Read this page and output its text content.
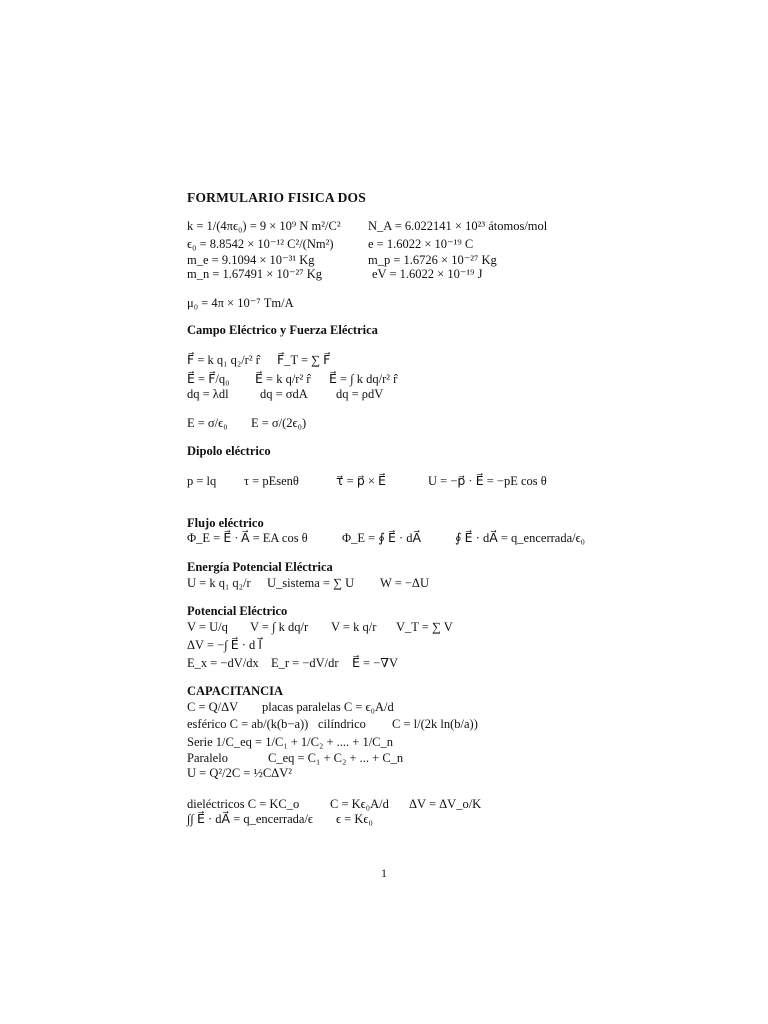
FORMULARIO FISICA DOS
k = 1/(4πϵ₀) = 9 × 10⁹ N m²/C² N_A = 6.022141 × 10²³ átomos/mol
ϵ₀ = 8.8542 × 10⁻¹² C²/(Nm²)	e = 1.6022 × 10⁻¹⁹ C
m_e = 9.1094 × 10⁻³¹ Kg	m_p = 1.6726 × 10⁻²⁷ Kg
m_n = 1.67491 × 10⁻²⁷ Kg	eV = 1.6022 × 10⁻¹⁹ J
μ₀ = 4π × 10⁻⁷ Tm/A
Campo Eléctrico y Fuerza Eléctrica
F⃗ = k q₁ q₂/r² r̂ F⃗_T = ∑ F⃗
E⃗ = F⃗/q₀ E⃗ = k q/r² r̂ E⃗ = ∫ k dq/r² r̂
dq = λdl	dq = σdA dq = ρdV
E = σ/ϵ₀ E = σ/(2ϵ₀)
Dipolo eléctrico
p = lq τ = pEsenθ	τ⃗ = p⃗ × E⃗	U = −p⃗ · E⃗ = −pE cos θ
Flujo eléctrico
Φ_E = E⃗ · A⃗ = EA cos θ	Φ_E = ∮ E⃗ · dA⃗	∮ E⃗ · dA⃗ = q_encerrada/ϵ₀
Energía Potencial Eléctrica
U = k q₁ q₂/r U_sistema = ∑ U W = −ΔU
Potencial Eléctrico
V = U/q V = ∫ k dq/r V = k q/r V_T = ∑ V
ΔV = −∫ E⃗ · d l⃗
E_x = −dV/dx E_r = −dV/dr E⃗ = −∇V
CAPACITANCIA
C = Q/ΔV placas paralelas C = ϵ₀A/d
esférico C = ab/(k(b−a)) cilíndrico C = l/(2k ln(b/a))
Serie 1/C_eq = 1/C₁ + 1/C₂ + .... + 1/C_n
Paralelo	C_eq = C₁ + C₂ + ... + C_n
U = Q²/2C = ½CΔV²
dieléctricos C = KC_o C = Kϵ₀A/d ΔV = ΔV_o/K
∫∫ E⃗ · dA⃗ = q_encerrada/ϵ ϵ = Kϵ₀
1
